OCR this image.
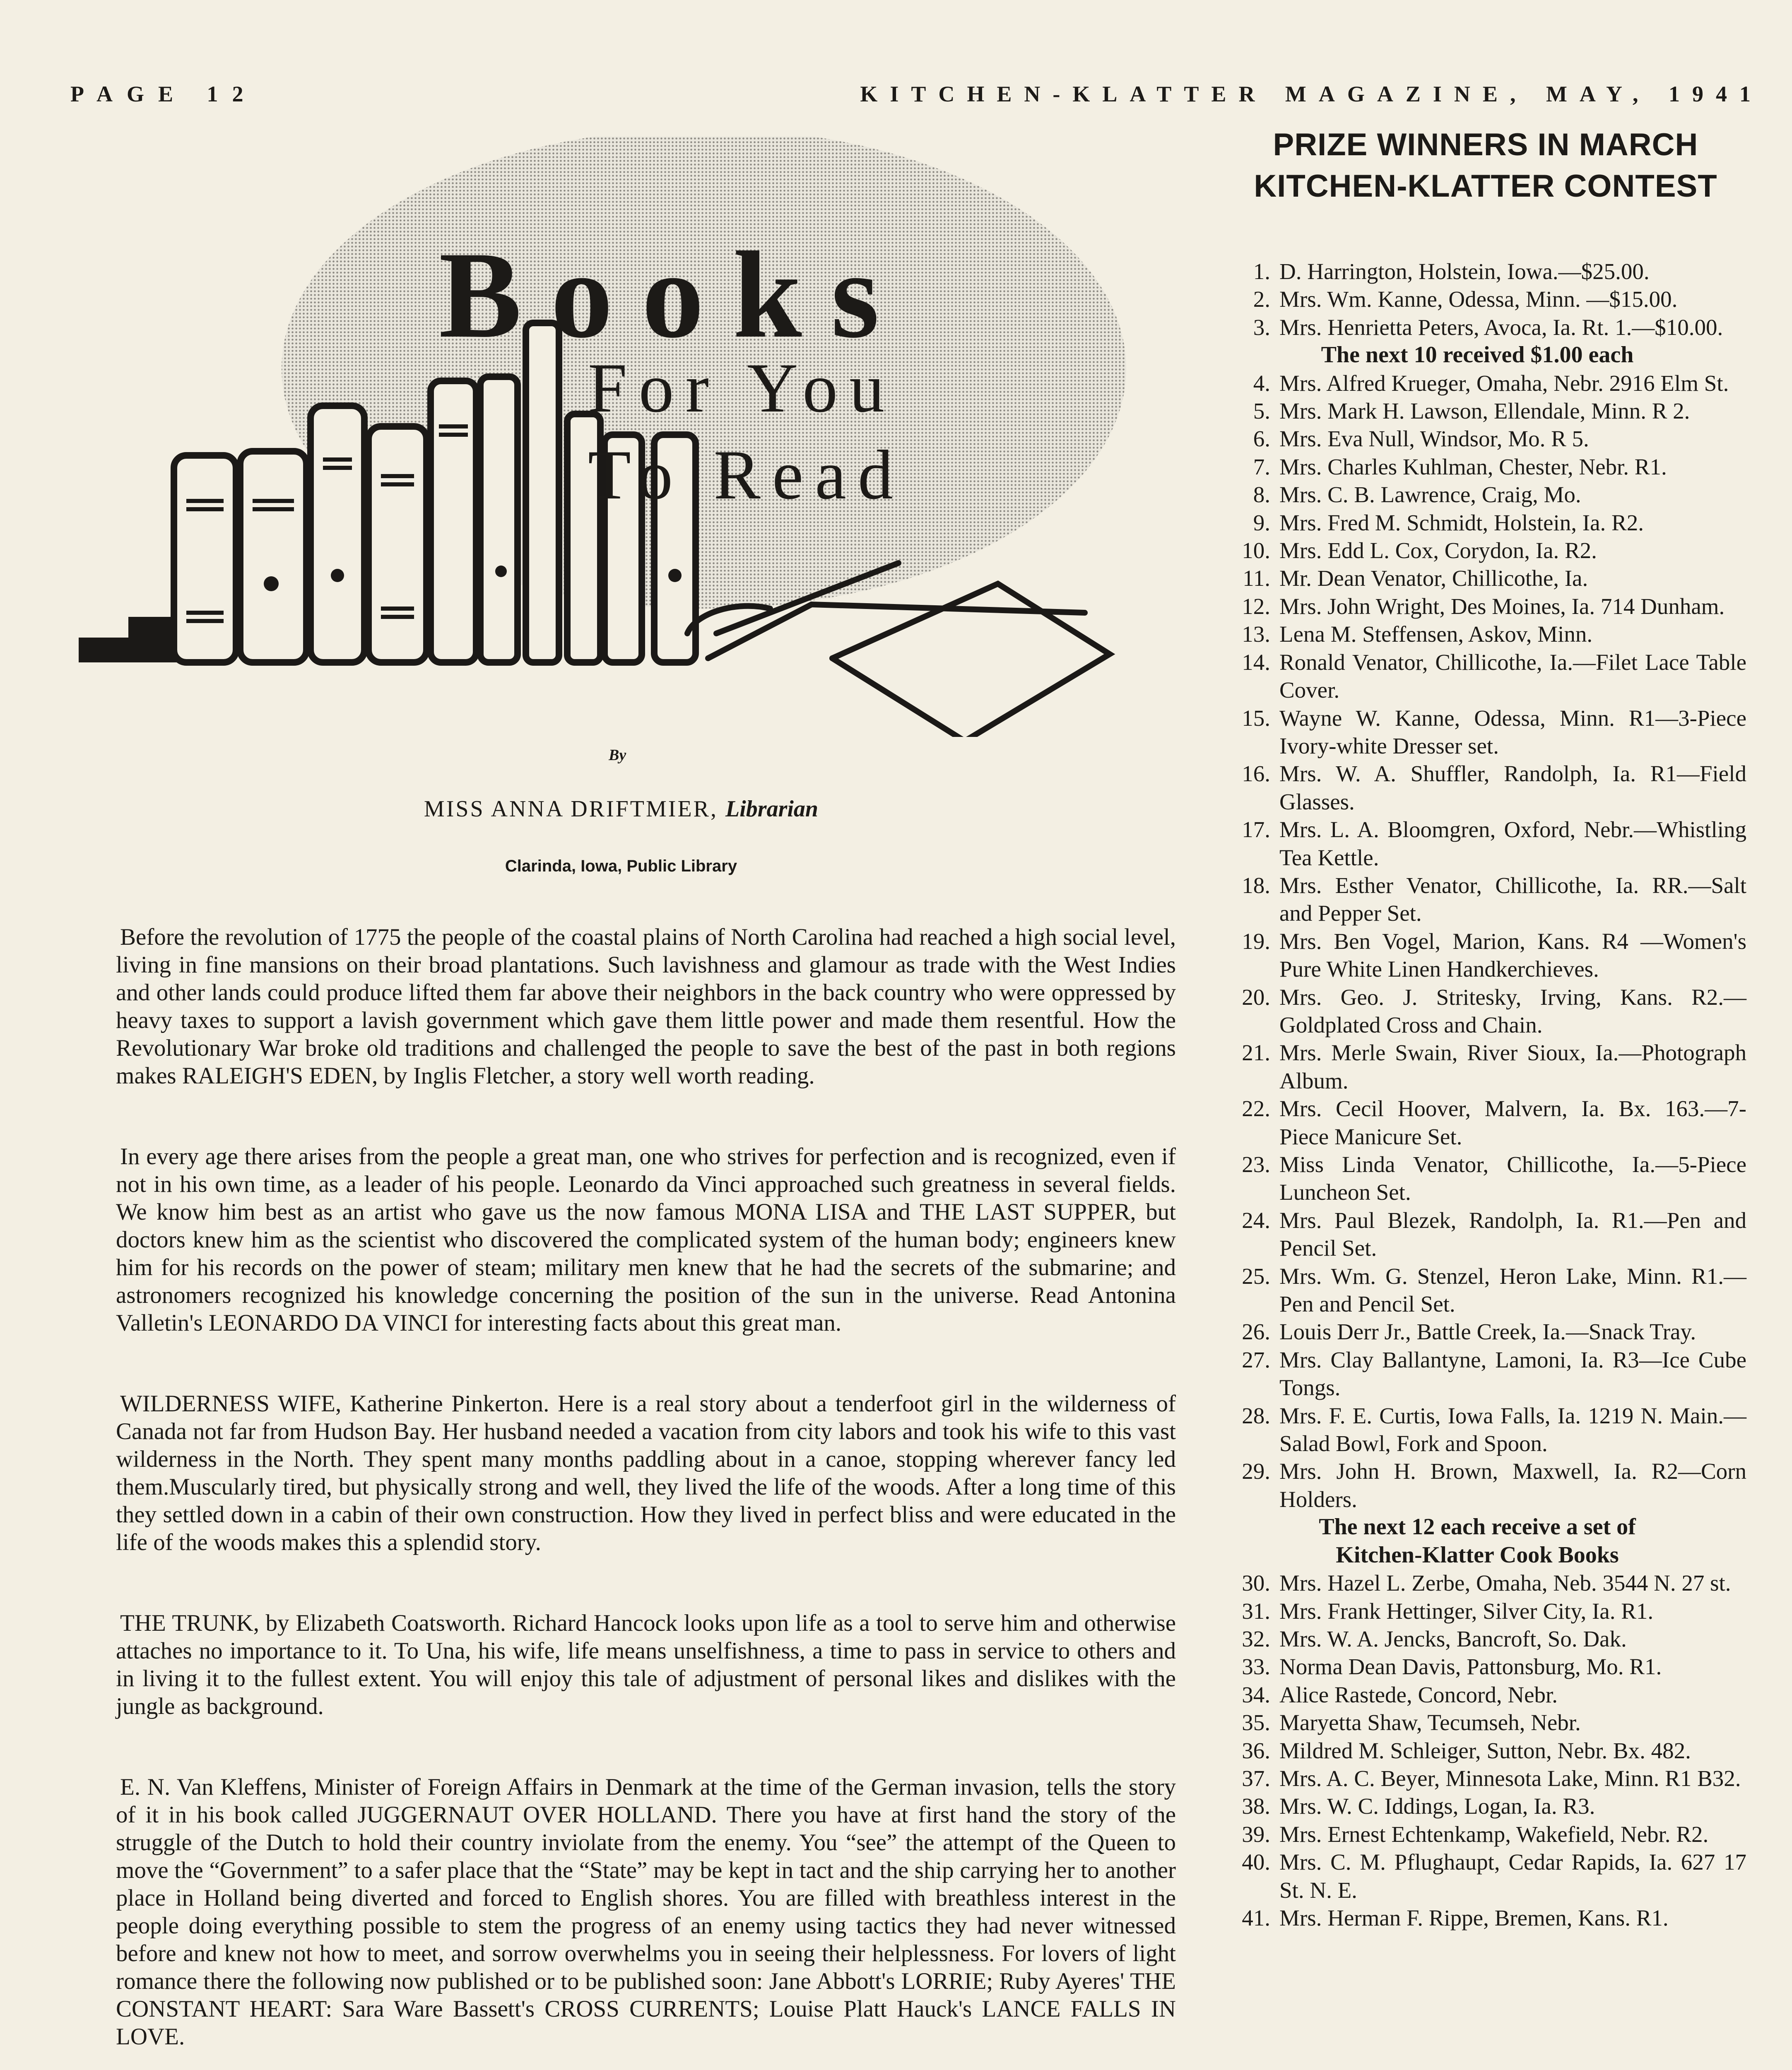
PAGE 12	KITCHEN-KLATTER MAGAZINE, MAY, 1941
Books
For You
To Read
By
MISS ANNA DRIFTMIER, Librarian
Clarinda, Iowa, Public Library

Before the revolution of 1775 the people of the coastal plains of North Carolina had reached a high social level, living in fine mansions on their broad plantations. Such lavishness and glamour as trade with the West Indies and other lands could produce lifted them far above their neighbors in the back country who were oppressed by heavy taxes to support a lavish government which gave them little power and made them resentful. How the Revolutionary War broke old traditions and challenged the people to save the best of the past in both regions makes RALEIGH'S EDEN, by Inglis Fletcher, a story well worth reading.

In every age there arises from the people a great man, one who strives for perfection and is recognized, even if not in his own time, as a leader of his people. Leonardo da Vinci approached such greatness in several fields. We know him best as an artist who gave us the now famous MONA LISA and THE LAST SUPPER, but doctors knew him as the scientist who discovered the complicated system of the human body; engineers knew him for his records on the power of steam; military men knew that he had the secrets of the submarine; and astronomers recognized his knowledge concerning the position of the sun in the universe. Read Antonina Valletin's LEONARDO DA VINCI for interesting facts about this great man.

WILDERNESS WIFE, Katherine Pinkerton. Here is a real story about a tenderfoot girl in the wilderness of Canada not far from Hudson Bay. Her husband needed a vacation from city labors and took his wife to this vast wilderness in the North. They spent many months paddling about in a canoe, stopping wherever fancy led them.Muscularly tired, but physically strong and well, they lived the life of the woods. After a long time of this they settled down in a cabin of their own construction. How they lived in perfect bliss and were educated in the life of the woods makes this a splendid story.

THE TRUNK, by Elizabeth Coatsworth. Richard Hancock looks upon life as a tool to serve him and otherwise attaches no importance to it. To Una, his wife, life means unselfishness, a time to pass in service to others and in living it to the fullest extent. You will enjoy this tale of adjustment of personal likes and dislikes with the jungle as background.

E. N. Van Kleffens, Minister of Foreign Affairs in Denmark at the time of the German invasion, tells the story of it in his book called JUGGERNAUT OVER HOLLAND. There you have at first hand the story of the struggle of the Dutch to hold their country inviolate from the enemy. You “see” the attempt of the Queen to move the “Government” to a safer place that the “State” may be kept in tact and the ship carrying her to another place in Holland being diverted and forced to English shores. You are filled with breathless interest in the people doing everything possible to stem the progress of an enemy using tactics they had never witnessed before and knew not how to meet, and sorrow overwhelms you in seeing their helplessness. For lovers of light romance there the following now published or to be published soon: Jane Abbott's LORRIE; Ruby Ayeres' THE CONSTANT HEART: Sara Ware Bassett's CROSS CURRENTS; Louise Platt Hauck's LANCE FALLS IN LOVE.

PRIZE WINNERS IN MARCH
KITCHEN-KLATTER CONTEST
1. D. Harrington, Holstein, Iowa.—$25.00.
2. Mrs. Wm. Kanne, Odessa, Minn. —$15.00.
3. Mrs. Henrietta Peters, Avoca, Ia. Rt. 1.—$10.00.
The next 10 received $1.00 each
4. Mrs. Alfred Krueger, Omaha, Nebr. 2916 Elm St.
5. Mrs. Mark H. Lawson, Ellendale, Minn. R 2.
6. Mrs. Eva Null, Windsor, Mo. R 5.
7. Mrs. Charles Kuhlman, Chester, Nebr. R1.
8. Mrs. C. B. Lawrence, Craig, Mo.
9. Mrs. Fred M. Schmidt, Holstein, Ia. R2.
10. Mrs. Edd L. Cox, Corydon, Ia. R2.
11. Mr. Dean Venator, Chillicothe, Ia.
12. Mrs. John Wright, Des Moines, Ia. 714 Dunham.
13. Lena M. Steffensen, Askov, Minn.
14. Ronald Venator, Chillicothe, Ia.—Filet Lace Table Cover.
15. Wayne W. Kanne, Odessa, Minn. R1—3-Piece Ivory-white Dresser set.
16. Mrs. W. A. Shuffler, Randolph, Ia. R1—Field Glasses.
17. Mrs. L. A. Bloomgren, Oxford, Nebr.—Whistling Tea Kettle.
18. Mrs. Esther Venator, Chillicothe, Ia. RR.—Salt and Pepper Set.
19. Mrs. Ben Vogel, Marion, Kans. R4 —Women's Pure White Linen Handkerchieves.
20. Mrs. Geo. J. Stritesky, Irving, Kans. R2.—Goldplated Cross and Chain.
21. Mrs. Merle Swain, River Sioux, Ia.—Photograph Album.
22. Mrs. Cecil Hoover, Malvern, Ia. Bx. 163.—7-Piece Manicure Set.
23. Miss Linda Venator, Chillicothe, Ia.—5-Piece Luncheon Set.
24. Mrs. Paul Blezek, Randolph, Ia. R1.—Pen and Pencil Set.
25. Mrs. Wm. G. Stenzel, Heron Lake, Minn. R1.—Pen and Pencil Set.
26. Louis Derr Jr., Battle Creek, Ia.—Snack Tray.
27. Mrs. Clay Ballantyne, Lamoni, Ia. R3—Ice Cube Tongs.
28. Mrs. F. E. Curtis, Iowa Falls, Ia. 1219 N. Main.—Salad Bowl, Fork and Spoon.
29. Mrs. John H. Brown, Maxwell, Ia. R2—Corn Holders.
The next 12 each receive a set of
Kitchen-Klatter Cook Books
30. Mrs. Hazel L. Zerbe, Omaha, Neb. 3544 N. 27 st.
31. Mrs. Frank Hettinger, Silver City, Ia. R1.
32. Mrs. W. A. Jencks, Bancroft, So. Dak.
33. Norma Dean Davis, Pattonsburg, Mo. R1.
34. Alice Rastede, Concord, Nebr.
35. Maryetta Shaw, Tecumseh, Nebr.
36. Mildred M. Schleiger, Sutton, Nebr. Bx. 482.
37. Mrs. A. C. Beyer, Minnesota Lake, Minn. R1 B32.
38. Mrs. W. C. Iddings, Logan, Ia. R3.
39. Mrs. Ernest Echtenkamp, Wakefield, Nebr. R2.
40. Mrs. C. M. Pflughaupt, Cedar Rapids, Ia. 627 17 St. N. E.
41. Mrs. Herman F. Rippe, Bremen, Kans. R1.
